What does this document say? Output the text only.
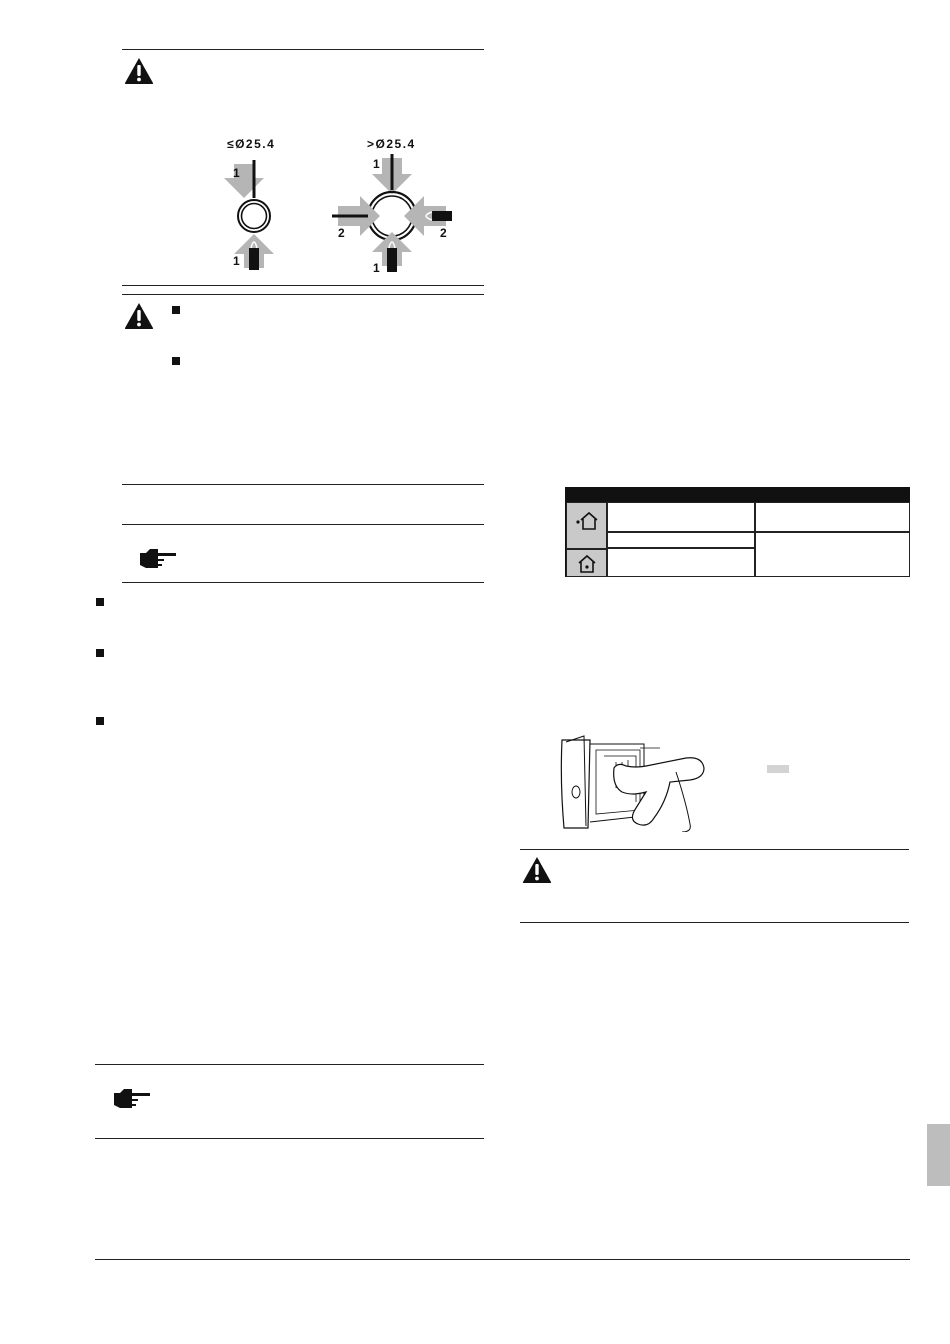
≤Ø25.4	>Ø25.4
1
1
1
2	2
1
